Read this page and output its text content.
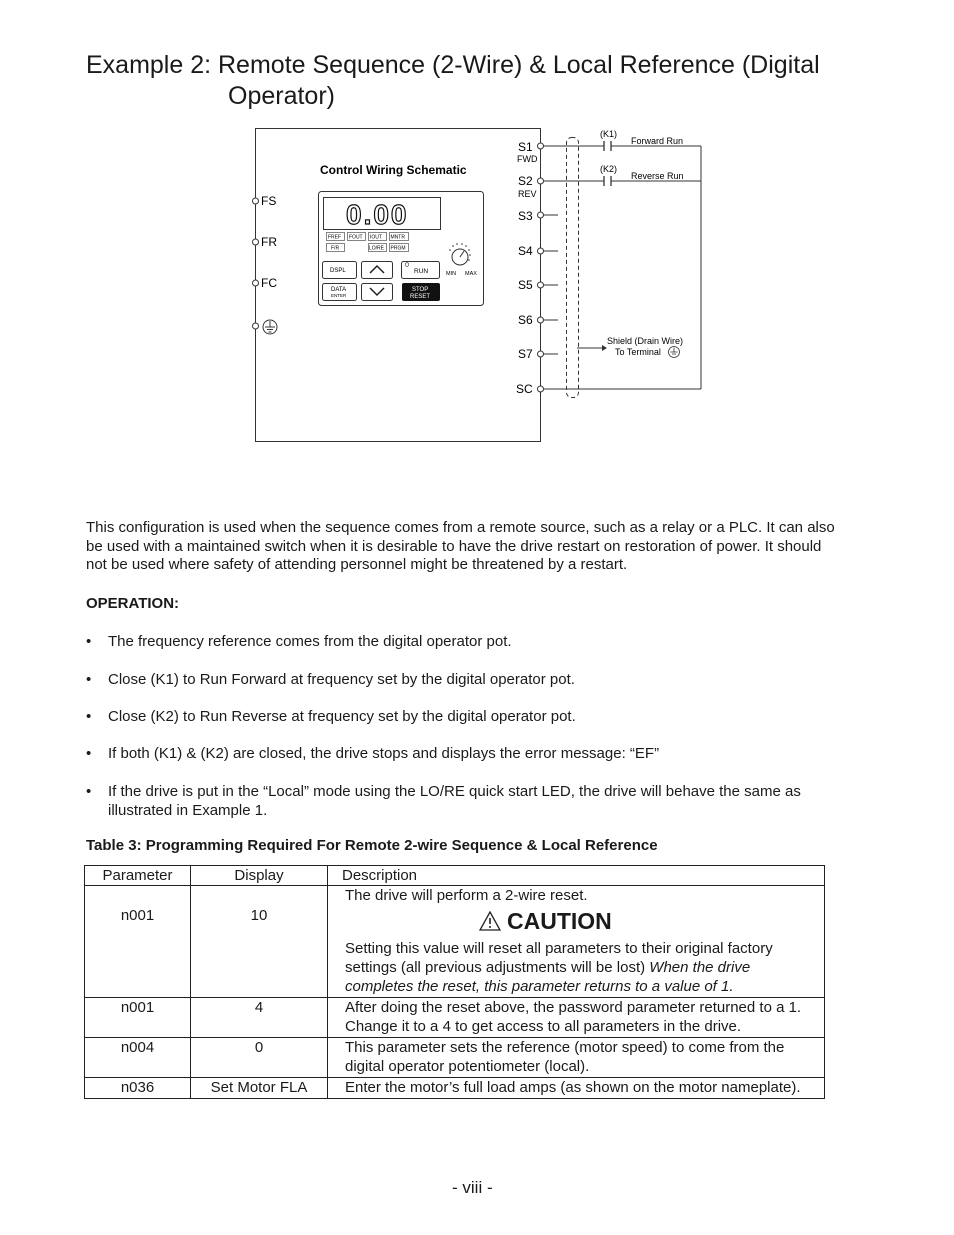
Example 2: Remote Sequence (2-Wire) & Local Reference (Digital
Operator)
Control Wiring Schematic
FS
FR
FC
0.00
FREF FOUT IOUT MNTR
F/R	LO/RE PRGM
MIN MAX
DSPL	RUN
DATA
ENTER
STOP
RESET
S1
FWD
S2
REV
S3
S4
S5
S6
S7
SC
(K1)
(K2)
Forward Run
Reverse Run
Shield (Drain Wire)
To Terminal
This configuration is used when the sequence comes from a remote source, such as a relay or a PLC. It can also be used with a maintained switch when it is desirable to have the drive restart on restoration of power. It should not be used where safety of attending personnel might be threatened by a restart.
OPERATION:
• The frequency reference comes from the digital operator pot.
• Close (K1) to Run Forward at frequency set by the digital operator pot.
• Close (K2) to Run Reverse at frequency set by the digital operator pot.
• If both (K1) & (K2) are closed, the drive stops and displays the error message: “EF”
• If the drive is put in the “Local” mode using the LO/RE quick start LED, the drive will behave the same as illustrated in Example 1.
Table 3: Programming Required For Remote 2-wire Sequence & Local Reference
Parameter	Display	Description
n001	10	The drive will perform a 2-wire reset.
CAUTION
Setting this value will reset all parameters to their original factory settings (all previous adjustments will be lost) When the drive completes the reset, this parameter returns to a value of 1.

n001	4	After doing the reset above, the password parameter returned to a 1. Change it to a 4 to get access to all parameters in the drive.
n004	0	This parameter sets the reference (motor speed) to come from the digital operator potentiometer (local).
n036	Set Motor FLA	Enter the motor’s full load amps (as shown on the motor nameplate).
- viii -
